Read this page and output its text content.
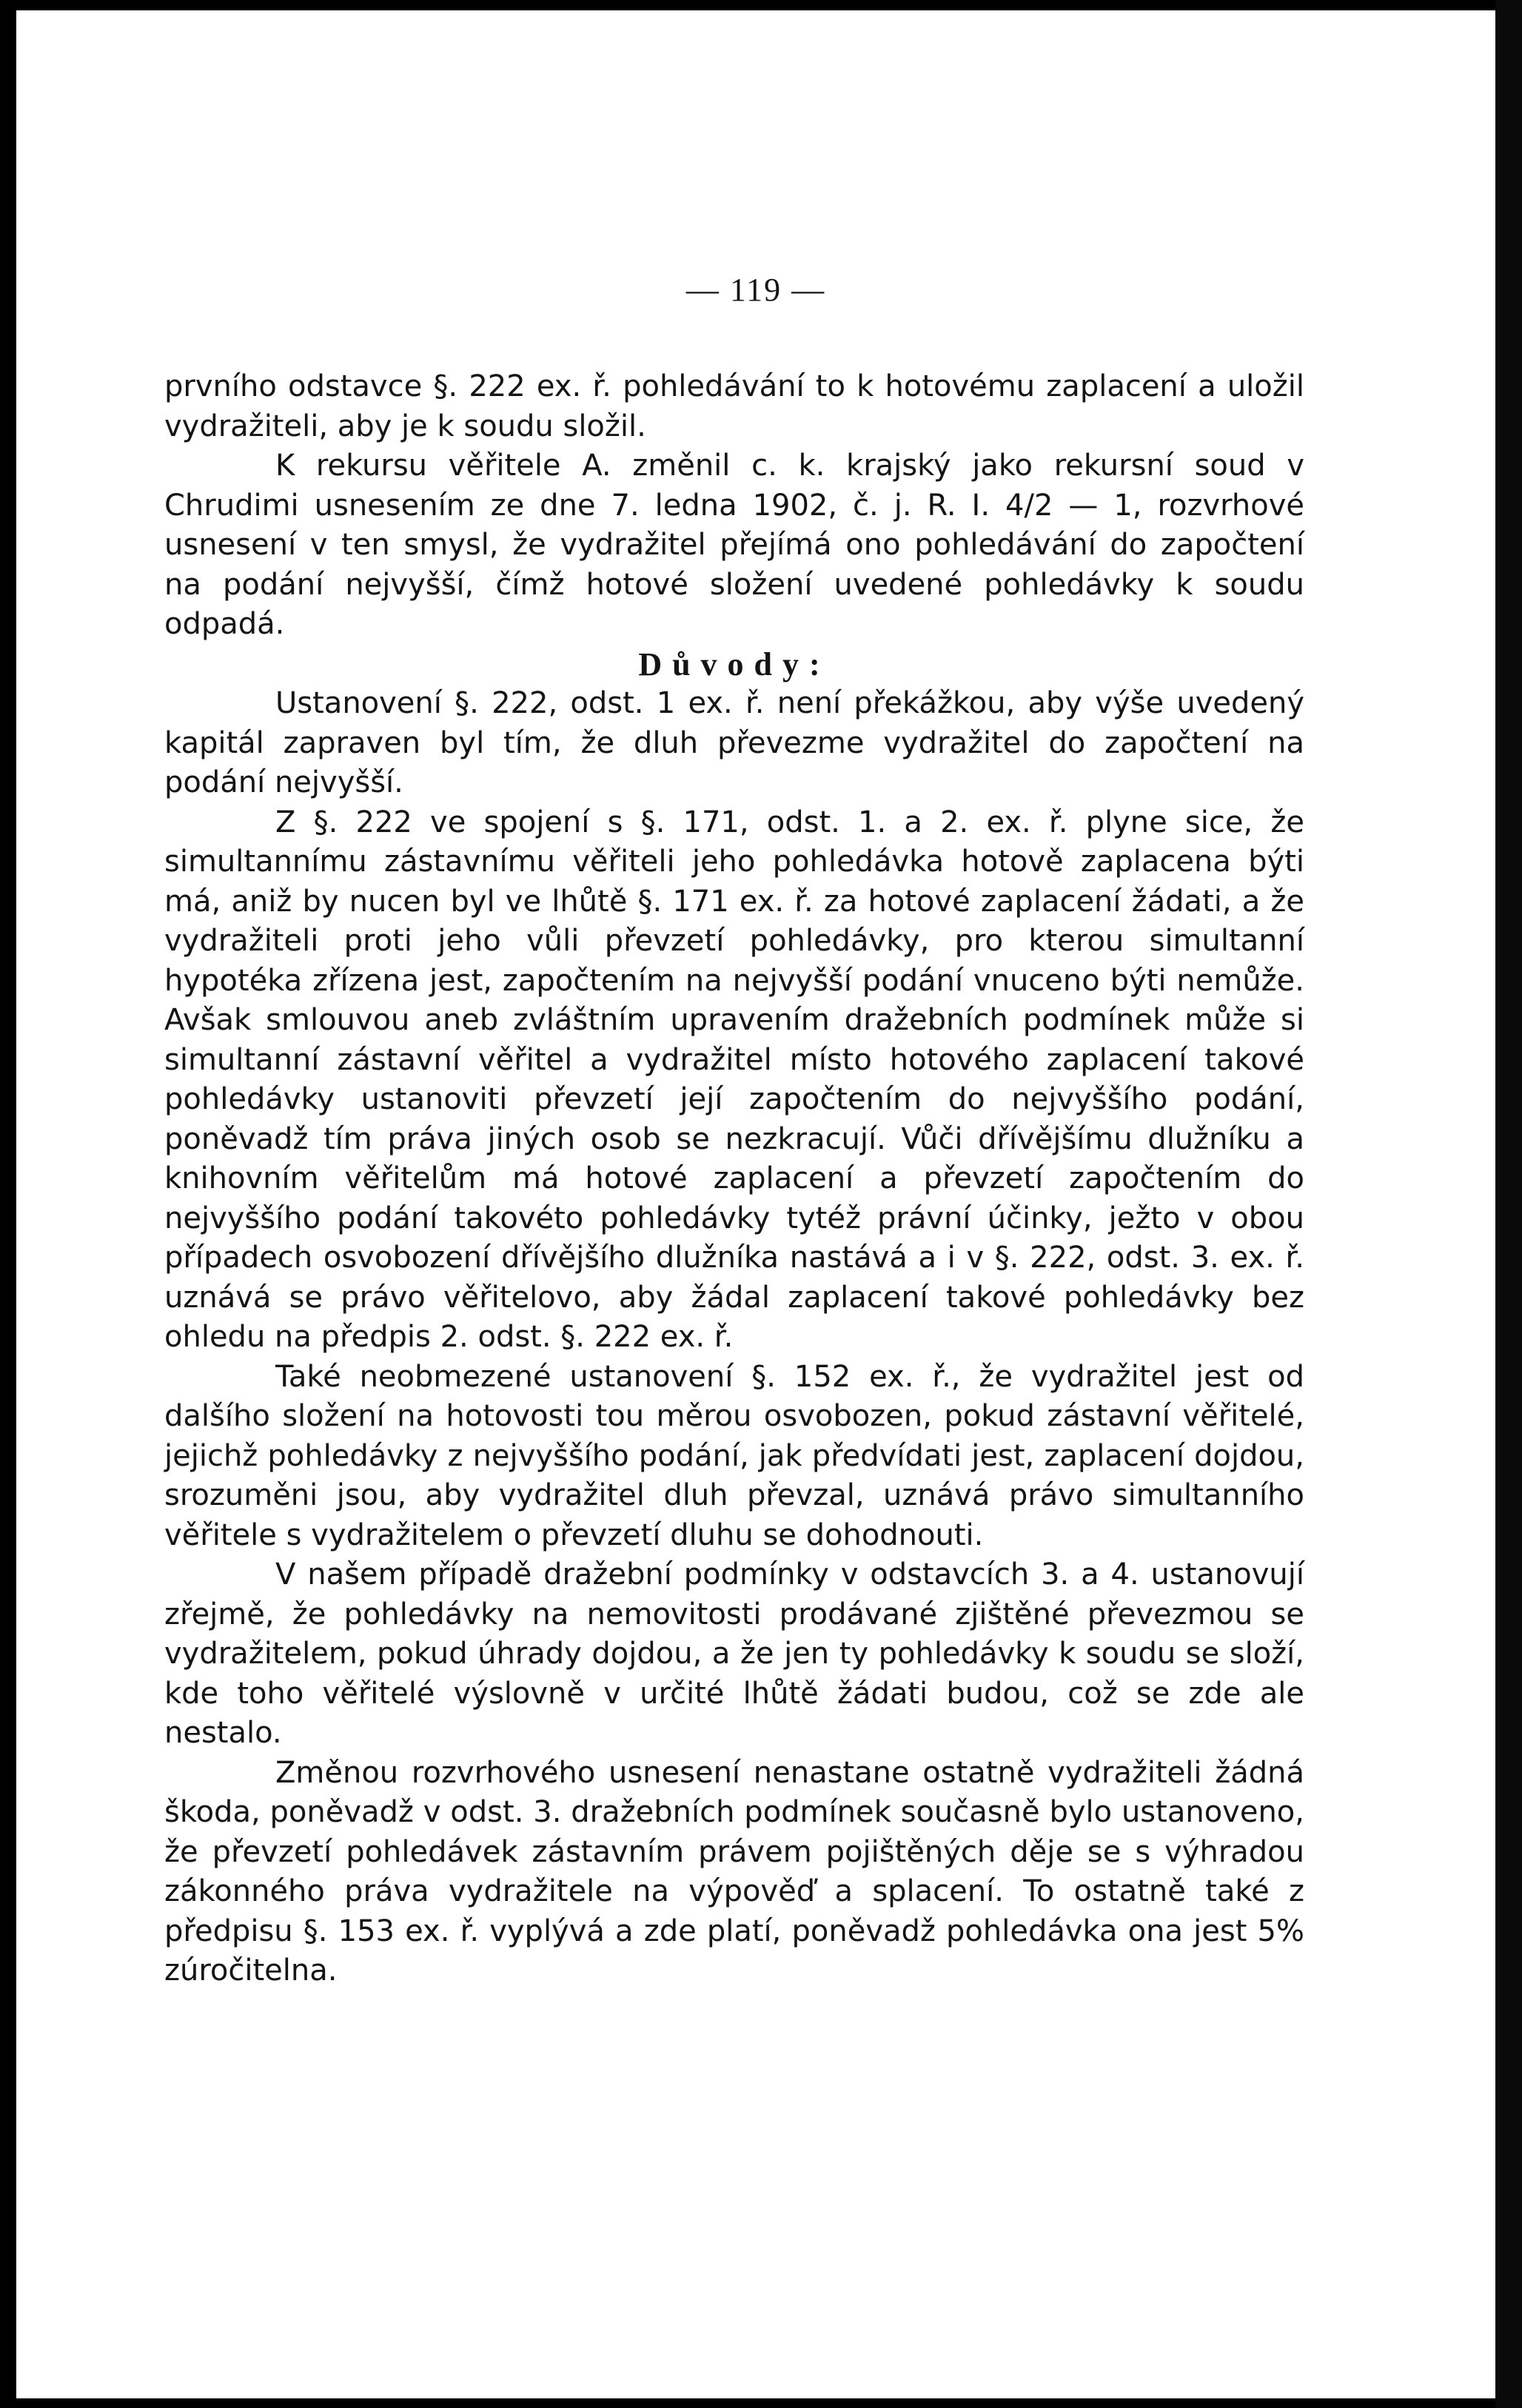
— 119 —

prvního odstavce §. 222 ex. ř. pohledávání to k hotovému zaplacení a uložil vydražiteli, aby je k soudu složil.

K rekursu věřitele A. změnil c. k. krajský jako rekursní soud v Chrudimi usnesením ze dne 7. ledna 1902, č. j. R. I. 4/2 — 1, rozvrhové usnesení v ten smysl, že vydražitel přejímá ono pohledávání do započtení na podání nejvyšší, čímž hotové složení uvedené pohledávky k soudu odpadá.

Důvody:

Ustanovení §. 222, odst. 1 ex. ř. není překážkou, aby výše uvedený kapitál zapraven byl tím, že dluh převezme vydražitel do započtení na podání nejvyšší.

Z §. 222 ve spojení s §. 171, odst. 1. a 2. ex. ř. plyne sice, že simultannímu zástavnímu věřiteli jeho pohledávka hotově zaplacena býti má, aniž by nucen byl ve lhůtě §. 171 ex. ř. za hotové zaplacení žádati, a že vydražiteli proti jeho vůli převzetí pohledávky, pro kterou simultanní hypotéka zřízena jest, započtením na nejvyšší podání vnuceno býti nemůže. Avšak smlouvou aneb zvláštním upravením dražebních podmínek může si simultanní zástavní věřitel a vydražitel místo hotového zaplacení takové pohledávky ustanoviti převzetí její započtením do nejvyššího podání, poněvadž tím práva jiných osob se nezkracují. Vůči dřívějšímu dlužníku a knihovním věřitelům má hotové zaplacení a převzetí započtením do nejvyššího podání takovéto pohledávky tytéž právní účinky, ježto v obou případech osvobození dřívějšího dlužníka nastává a i v §. 222, odst. 3. ex. ř. uznává se právo věřitelovo, aby žádal zaplacení takové pohledávky bez ohledu na předpis 2. odst. §. 222 ex. ř.

Také neobmezené ustanovení §. 152 ex. ř., že vydražitel jest od dalšího složení na hotovosti tou měrou osvobozen, pokud zástavní věřitelé, jejichž pohledávky z nejvyššího podání, jak předvídati jest, zaplacení dojdou, srozuměni jsou, aby vydražitel dluh převzal, uznává právo simultanního věřitele s vydražitelem o převzetí dluhu se dohodnouti.

V našem případě dražební podmínky v odstavcích 3. a 4. ustanovují zřejmě, že pohledávky na nemovitosti prodávané zjištěné převezmou se vydražitelem, pokud úhrady dojdou, a že jen ty pohledávky k soudu se složí, kde toho věřitelé výslovně v určité lhůtě žádati budou, což se zde ale nestalo.

Změnou rozvrhového usnesení nenastane ostatně vydražiteli žádná škoda, poněvadž v odst. 3. dražebních podmínek současně bylo ustanoveno, že převzetí pohledávek zástavním právem pojištěných děje se s výhradou zákonného práva vydražitele na výpověď a splacení. To ostatně také z předpisu §. 153 ex. ř. vyplývá a zde platí, poněvadž pohledávka ona jest 5% zúročitelna.
